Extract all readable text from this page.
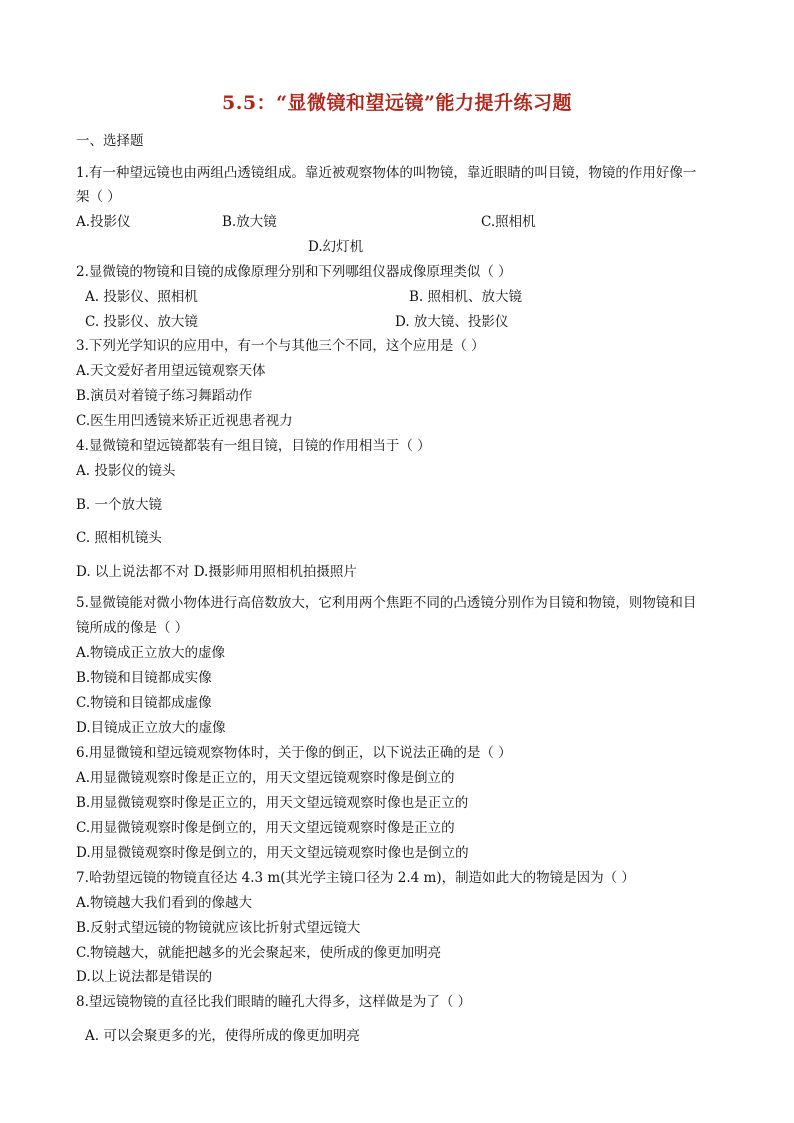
5.5：“显微镜和望远镜”能力提升练习题
一、选择题
1.有一种望远镜也由两组凸透镜组成。靠近被观察物体的叫物镜，靠近眼睛的叫目镜，物镜的作用好像一
架（ ）
A.投影仪	B.放大镜	C.照相机
D.幻灯机
2.显微镜的物镜和目镜的成像原理分别和下列哪组仪器成像原理类似（ ）
A. 投影仪、照相机	B. 照相机、放大镜
C. 投影仪、放大镜	D. 放大镜、投影仪
3.下列光学知识的应用中，有一个与其他三个不同，这个应用是（ ）
A.天文爱好者用望远镜观察天体
B.演员对着镜子练习舞蹈动作
C.医生用凹透镜来矫正近视患者视力
4.显微镜和望远镜都装有一组目镜，目镜的作用相当于（ ）
A. 投影仪的镜头
B. 一个放大镜
C. 照相机镜头
D. 以上说法都不对 D.摄影师用照相机拍摄照片
5.显微镜能对微小物体进行高倍数放大，它利用两个焦距不同的凸透镜分别作为目镜和物镜，则物镜和目
镜所成的像是（ ）
A.物镜成正立放大的虚像
B.物镜和目镜都成实像
C.物镜和目镜都成虚像
D.目镜成正立放大的虚像
6.用显微镜和望远镜观察物体时，关于像的倒正，以下说法正确的是（ ）
A.用显微镜观察时像是正立的，用天文望远镜观察时像是倒立的
B.用显微镜观察时像是正立的，用天文望远镜观察时像也是正立的
C.用显微镜观察时像是倒立的，用天文望远镜观察时像是正立的
D.用显微镜观察时像是倒立的，用天文望远镜观察时像也是倒立的
7.哈勃望远镜的物镜直径达 4.3 m(其光学主镜口径为 2.4 m)，制造如此大的物镜是因为（ ）
A.物镜越大我们看到的像越大
B.反射式望远镜的物镜就应该比折射式望远镜大
C.物镜越大，就能把越多的光会聚起来，使所成的像更加明亮
D.以上说法都是错误的
8.望远镜物镜的直径比我们眼睛的瞳孔大得多，这样做是为了（ ）
A. 可以会聚更多的光，使得所成的像更加明亮
